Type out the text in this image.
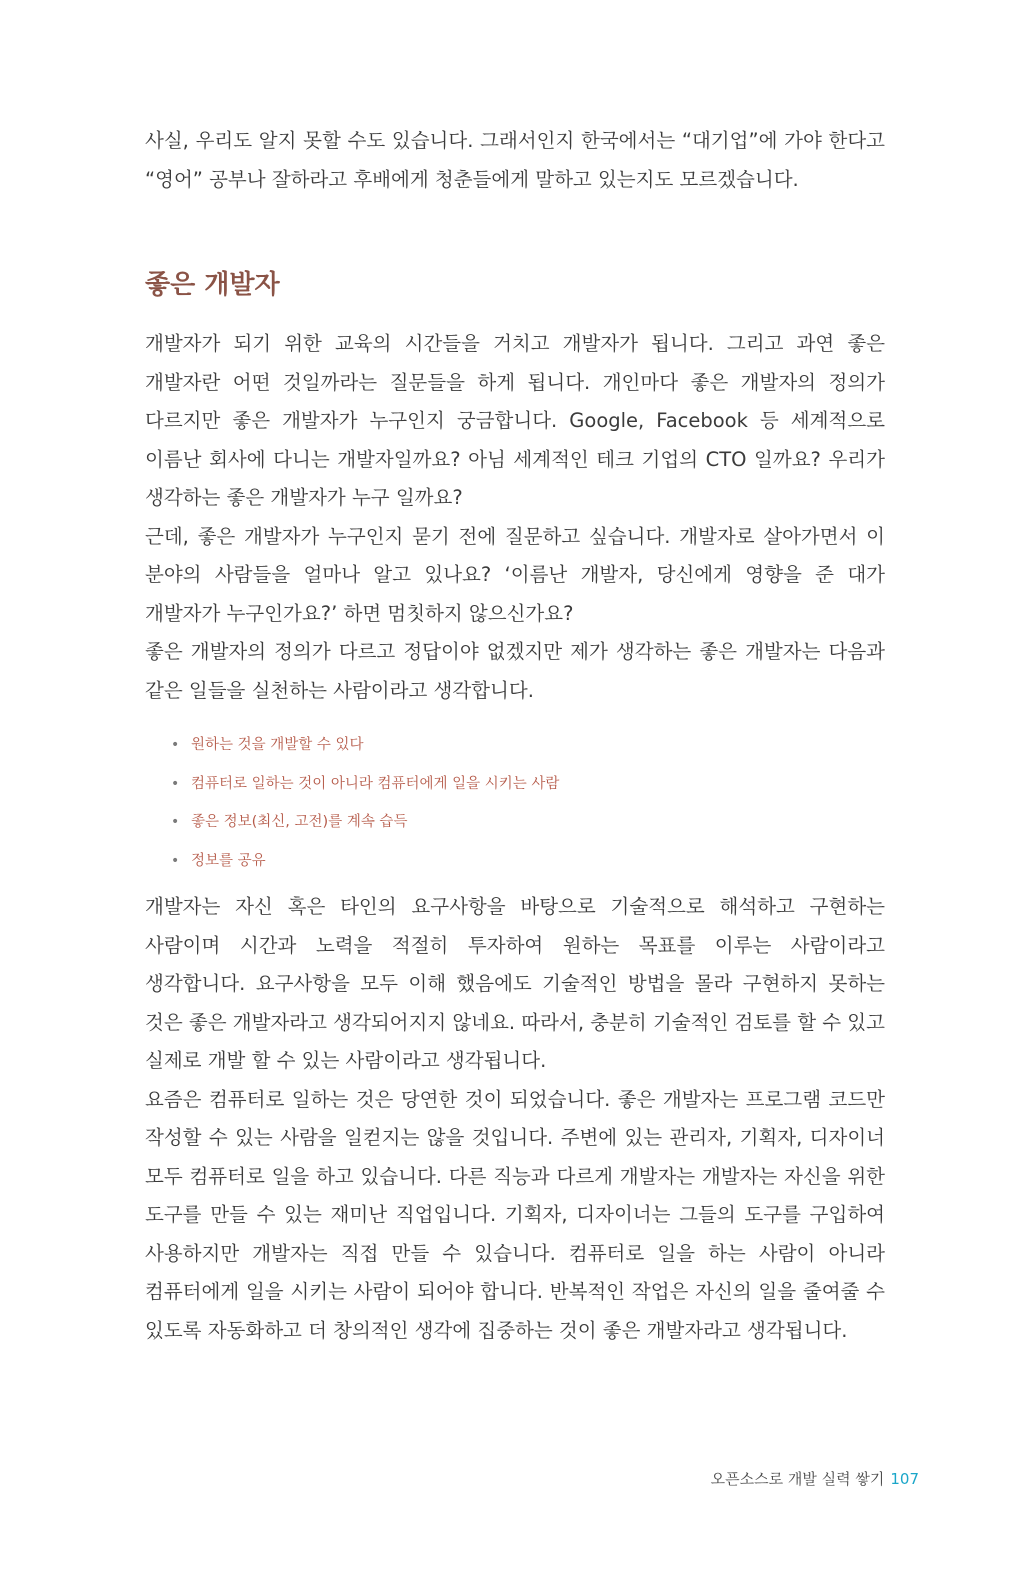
사실, 우리도 알지 못할 수도 있습니다. 그래서인지 한국에서는 “대기업”에 가야 한다고 “영어” 공부나 잘하라고 후배에게 청춘들에게 말하고 있는지도 모르겠습니다.

좋은 개발자

개발자가 되기 위한 교육의 시간들을 거치고 개발자가 됩니다. 그리고 과연 좋은 개발자란 어떤 것일까라는 질문들을 하게 됩니다. 개인마다 좋은 개발자의 정의가 다르지만 좋은 개발자가 누구인지 궁금합니다. Google, Facebook 등 세계적으로 이름난 회사에 다니는 개발자일까요? 아님 세계적인 테크 기업의 CTO 일까요? 우리가 생각하는 좋은 개발자가 누구 일까요?

근데, 좋은 개발자가 누구인지 묻기 전에 질문하고 싶습니다. 개발자로 살아가면서 이 분야의 사람들을 얼마나 알고 있나요? ‘이름난 개발자, 당신에게 영향을 준 대가 개발자가 누구인가요?’ 하면 멈칫하지 않으신가요?

좋은 개발자의 정의가 다르고 정답이야 없겠지만 제가 생각하는 좋은 개발자는 다음과 같은 일들을 실천하는 사람이라고 생각합니다.

• 원하는 것을 개발할 수 있다
• 컴퓨터로 일하는 것이 아니라 컴퓨터에게 일을 시키는 사람
• 좋은 정보(최신, 고전)를 계속 습득
• 정보를 공유

개발자는 자신 혹은 타인의 요구사항을 바탕으로 기술적으로 해석하고 구현하는 사람이며 시간과 노력을 적절히 투자하여 원하는 목표를 이루는 사람이라고 생각합니다. 요구사항을 모두 이해 했음에도 기술적인 방법을 몰라 구현하지 못하는 것은 좋은 개발자라고 생각되어지지 않네요. 따라서, 충분히 기술적인 검토를 할 수 있고 실제로 개발 할 수 있는 사람이라고 생각됩니다.

요즘은 컴퓨터로 일하는 것은 당연한 것이 되었습니다. 좋은 개발자는 프로그램 코드만 작성할 수 있는 사람을 일컫지는 않을 것입니다. 주변에 있는 관리자, 기획자, 디자이너 모두 컴퓨터로 일을 하고 있습니다. 다른 직능과 다르게 개발자는 개발자는 자신을 위한 도구를 만들 수 있는 재미난 직업입니다. 기획자, 디자이너는 그들의 도구를 구입하여 사용하지만 개발자는 직접 만들 수 있습니다. 컴퓨터로 일을 하는 사람이 아니라 컴퓨터에게 일을 시키는 사람이 되어야 합니다. 반복적인 작업은 자신의 일을 줄여줄 수 있도록 자동화하고 더 창의적인 생각에 집중하는 것이 좋은 개발자라고 생각됩니다.

오픈소스로 개발 실력 쌓기 107
